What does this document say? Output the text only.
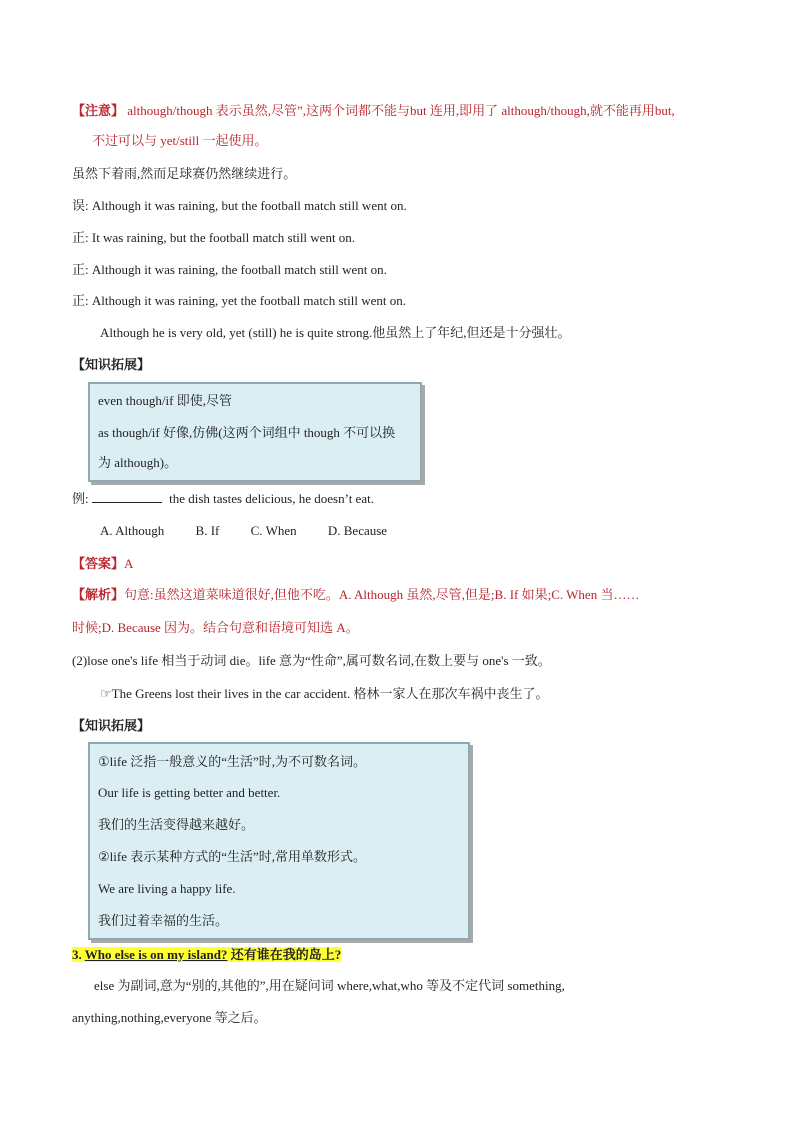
【注意】 although/though 表示虽然,尽管”,这两个词都不能与but 连用,即用了 although/though,就不能再用but,
不过可以与 yet/still 一起使用。
虽然下着雨,然而足球赛仍然继续进行。
误: Although it was raining, but the football match still went on.
正: It was raining, but the football match still went on.
正: Although it was raining, the football match still went on.
正: Although it was raining, yet the football match still went on.
Although he is very old, yet (still) he is quite strong.他虽然上了年纪,但还是十分强壮。
【知识拓展】
even though/if 即使,尽管
as though/if 好像,仿佛(这两个词组中 though 不可以换
为 although)。
例:	the dish tastes delicious, he doesn’t eat.
A. Although B. If C. When D. Because
【答案】A
【解析】句意:虽然这道菜味道很好,但他不吃。A. Although 虽然,尽管,但是;B. If 如果;C. When 当……
时候;D. Because 因为。结合句意和语境可知选 A。
(2)lose one's life 相当于动词 die。life 意为“性命”,属可数名词,在数上要与 one's 一致。
☞The Greens lost their lives in the car accident. 格林一家人在那次车祸中丧生了。
【知识拓展】
①life 泛指一般意义的“生活”时,为不可数名词。
Our life is getting better and better.
我们的生活变得越来越好。
②life 表示某种方式的“生活”时,常用单数形式。
We are living a happy life.
我们过着幸福的生活。
3. Who else is on my island? 还有谁在我的岛上?
else 为副词,意为“别的,其他的”,用在疑问词 where,what,who 等及不定代词 something,
anything,nothing,everyone 等之后。
